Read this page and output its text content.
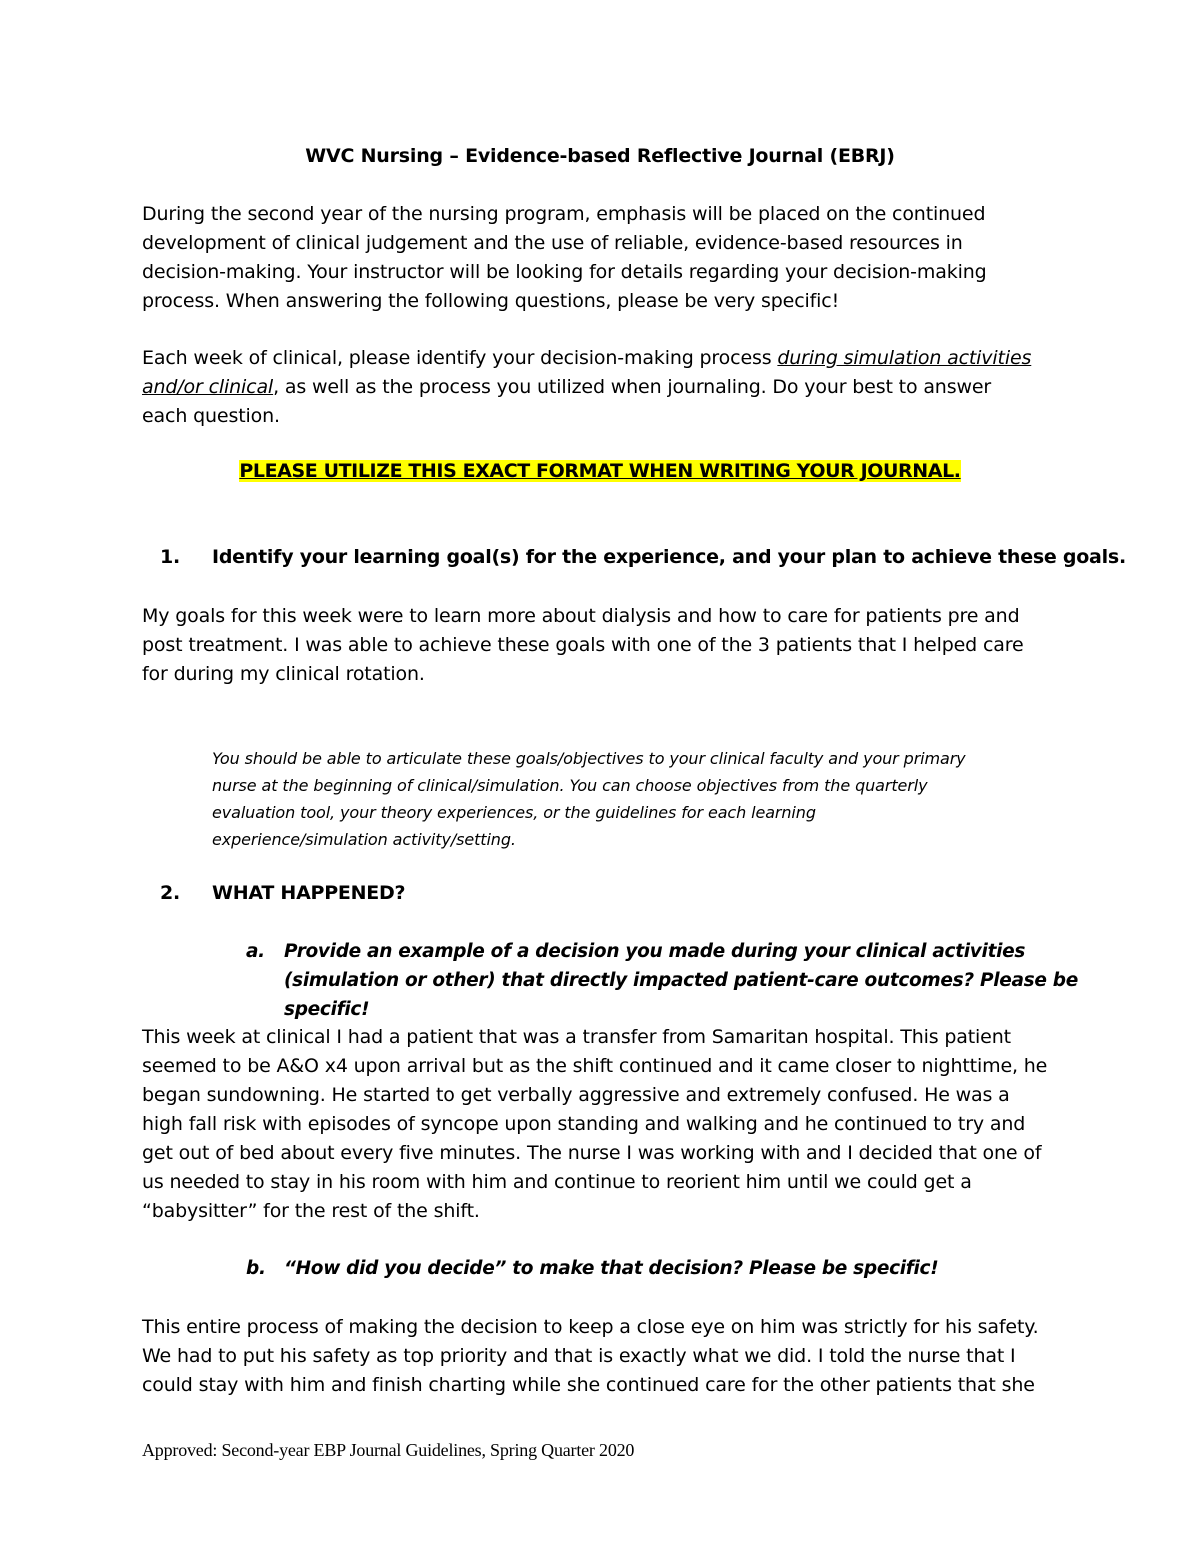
WVC Nursing – Evidence-based Reflective Journal (EBRJ)
During the second year of the nursing program, emphasis will be placed on the continued
development of clinical judgement and the use of reliable, evidence-based resources in
decision-making. Your instructor will be looking for details regarding your decision-making
process. When answering the following questions, please be very specific!
Each week of clinical, please identify your decision-making process during simulation activities
and/or clinical, as well as the process you utilized when journaling. Do your best to answer
each question.
PLEASE UTILIZE THIS EXACT FORMAT WHEN WRITING YOUR JOURNAL.
1. Identify your learning goal(s) for the experience, and your plan to achieve these goals.
My goals for this week were to learn more about dialysis and how to care for patients pre and
post treatment. I was able to achieve these goals with one of the 3 patients that I helped care
for during my clinical rotation.
You should be able to articulate these goals/objectives to your clinical faculty and your primary
nurse at the beginning of clinical/simulation. You can choose objectives from the quarterly
evaluation tool, your theory experiences, or the guidelines for each learning
experience/simulation activity/setting.
2. WHAT HAPPENED?
a. Provide an example of a decision you made during your clinical activities
(simulation or other) that directly impacted patient-care outcomes? Please be
specific!
This week at clinical I had a patient that was a transfer from Samaritan hospital. This patient
seemed to be A&O x4 upon arrival but as the shift continued and it came closer to nighttime, he
began sundowning. He started to get verbally aggressive and extremely confused. He was a
high fall risk with episodes of syncope upon standing and walking and he continued to try and
get out of bed about every five minutes. The nurse I was working with and I decided that one of
us needed to stay in his room with him and continue to reorient him until we could get a
“babysitter” for the rest of the shift.
b. “How did you decide” to make that decision? Please be specific!
This entire process of making the decision to keep a close eye on him was strictly for his safety.
We had to put his safety as top priority and that is exactly what we did. I told the nurse that I
could stay with him and finish charting while she continued care for the other patients that she
Approved: Second-year EBP Journal Guidelines, Spring Quarter 2020
